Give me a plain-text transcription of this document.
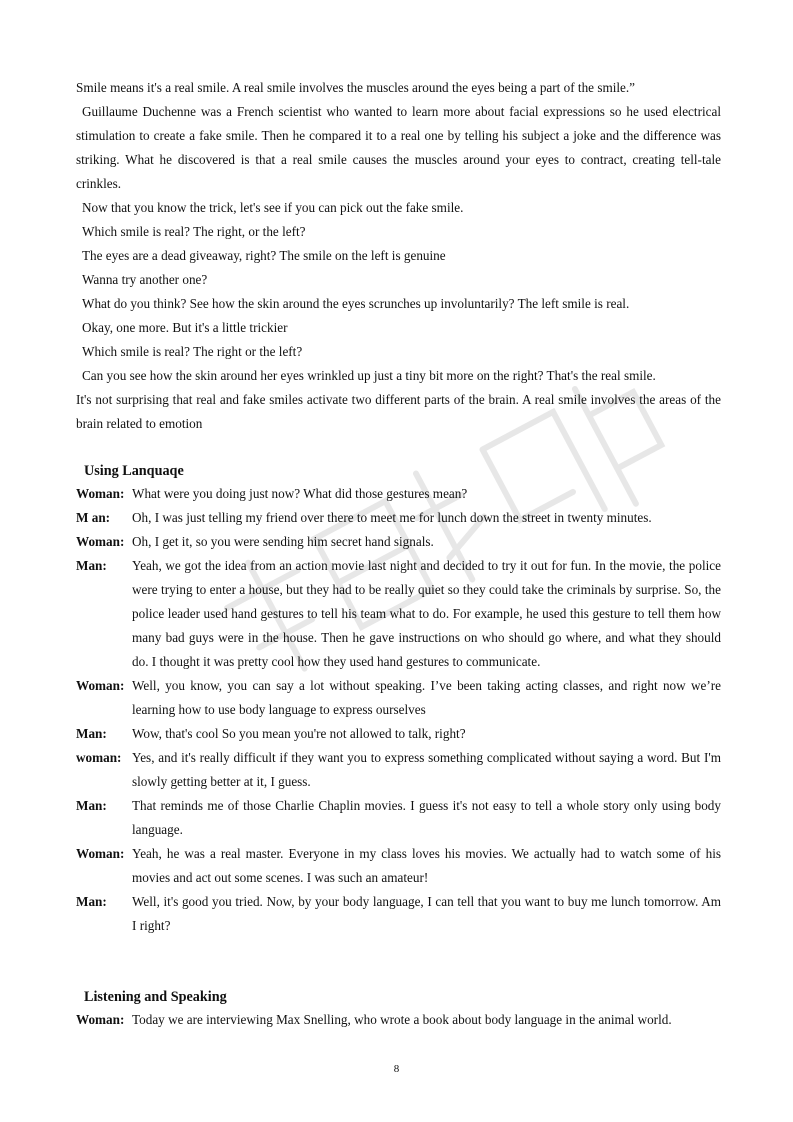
Smile means it's a real smile. A real smile involves the muscles around the eyes being a part of the smile.”

Guillaume Duchenne was a French scientist who wanted to learn more about facial expressions so he used electrical stimulation to create a fake smile. Then he compared it to a real one by telling his subject a joke and the difference was striking. What he discovered is that a real smile causes the muscles around your eyes to contract, creating tell-tale crinkles.

Now that you know the trick, let's see if you can pick out the fake smile.

Which smile is real? The right, or the left?

The eyes are a dead giveaway, right? The smile on the left is genuine

Wanna try another one?

What do you think? See how the skin around the eyes scrunches up involuntarily? The left smile is real.

Okay, one more. But it's a little trickier

Which smile is real? The right or the left?

Can you see how the skin around her eyes wrinkled up just a tiny bit more on the right? That's the real smile.

It's not surprising that real and fake smiles activate two different parts of the brain. A real smile involves the areas of the brain related to emotion

Using Lanquaqe
Woman: What were you doing just now? What did those gestures mean?
M an:	Oh, I was just telling my friend over there to meet me for lunch down the street in twenty minutes.
Woman: Oh, I get it, so you were sending him secret hand signals.
Man:	Yeah, we got the idea from an action movie last night and decided to try it out for fun. In the movie, the police were trying to enter a house, but they had to be really quiet so they could take the criminals by surprise. So, the police leader used hand gestures to tell his team what to do. For example, he used this gesture to tell them how many bad guys were in the house. Then he gave instructions on who should go where, and what they should do. I thought it was pretty cool how they used hand gestures to communicate.
Woman: Well, you know, you can say a lot without speaking. I’ve been taking acting classes, and right now we’re learning how to use body language to express ourselves
Man:	Wow, that's cool So you mean you're not allowed to talk, right?
woman: Yes, and it's really difficult if they want you to express something complicated without saying a word. But I'm slowly getting better at it, I guess.
Man:	That reminds me of those Charlie Chaplin movies. I guess it's not easy to tell a whole story only using body language.
Woman: Yeah, he was a real master. Everyone in my class loves his movies. We actually had to watch some of his movies and act out some scenes. I was such an amateur!
Man:	Well, it's good you tried. Now, by your body language, I can tell that you want to buy me lunch tomorrow. Am I right?
Listening and Speaking
Woman: Today we are interviewing Max Snelling, who wrote a book about body language in the animal world.
8
